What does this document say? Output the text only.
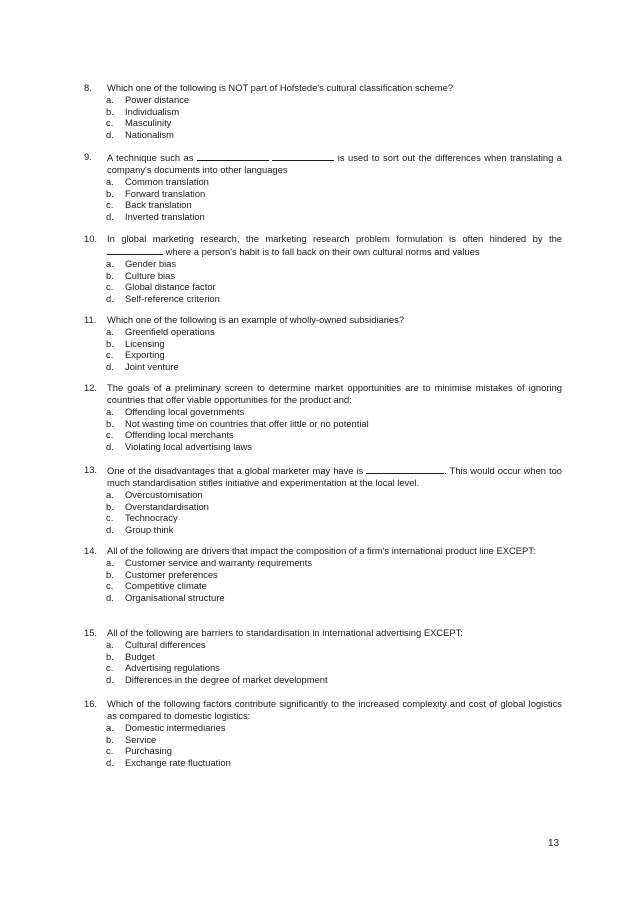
8.	Which one of the following is NOT part of Hofstede's cultural classification scheme?
a.	Power distance
b.	Individualism
c.	Masculinity
d.	Nationalism
9.	A technique such as	is used to sort out the differences when translating a company's documents into other languages
a.	Common translation
b.	Forward translation
c.	Back translation
d.	Inverted translation
10.	In global marketing research, the marketing research problem formulation is often hindered by the  where a person's habit is to fall back on their own cultural norms and values
a.	Gender bias
b.	Culture bias
c.	Global distance factor
d.	Self-reference criterion
11.	Which one of the following is an example of wholly-owned subsidiaries?
a.	Greenfield operations
b.	Licensing
c.	Exporting
d.	Joint venture
12.	The goals of a preliminary screen to determine market opportunities are to minimise mistakes of ignoring countries that offer viable opportunities for the product and:
a.	Offending local governments
b.	Not wasting time on countries that offer little or no potential
c.	Offending local merchants
d.	Violating local advertising laws
13.	One of the disadvantages that a global marketer may have is	. This would occur when too much standardisation stifles initiative and experimentation at the local level.
a.	Overcustomisation
b.	Overstandardisation
c.	Technocracy
d.	Group think
14.	All of the following are drivers that impact the composition of a firm's international product line EXCEPT:
a.	Customer service and warranty requirements
b.	Customer preferences
c.	Competitive climate
d.	Organisational structure
15.	All of the following are barriers to standardisation in international advertising EXCEPT:
a.	Cultural differences
b.	Budget
c.	Advertising regulations
d.	Differences in the degree of market development
16.	Which of the following factors contribute significantly to the increased complexity and cost of global logistics as compared to domestic logistics:
a.	Domestic intermediaries
b.	Service
c.	Purchasing
d.	Exchange rate fluctuation
13
